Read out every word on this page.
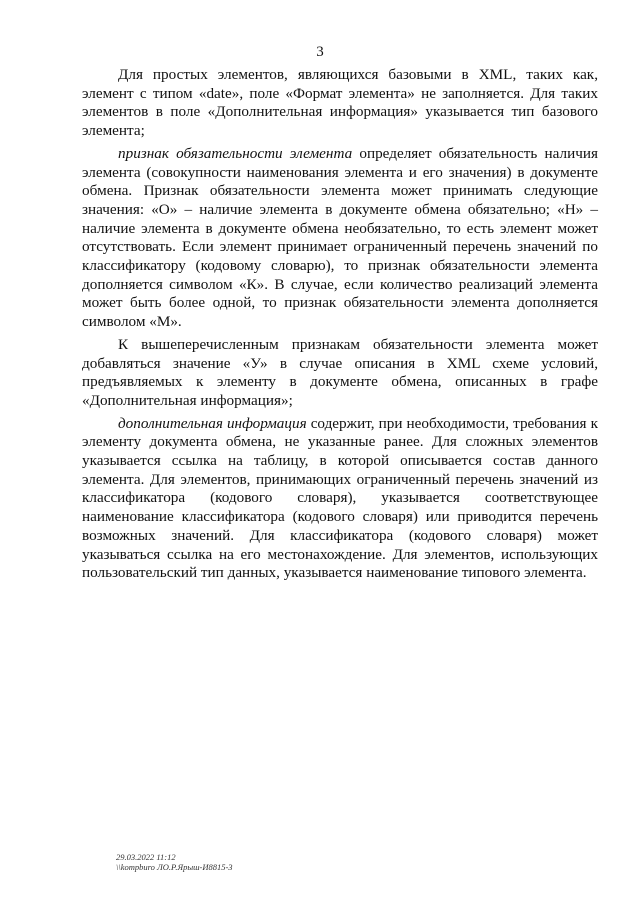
3

Для простых элементов, являющихся базовыми в XML, таких как, элемент с типом «date», поле «Формат элемента» не заполняется. Для таких элементов в поле «Дополнительная информация» указывается тип базового элемента;

признак обязательности элемента определяет обязательность наличия элемента (совокупности наименования элемента и его значения) в документе обмена. Признак обязательности элемента может принимать следующие значения: «О» – наличие элемента в документе обмена обязательно; «Н» – наличие элемента в документе обмена необязательно, то есть элемент может отсутствовать. Если элемент принимает ограниченный перечень значений по классификатору (кодовому словарю), то признак обязательности элемента дополняется символом «К». В случае, если количество реализаций элемента может быть более одной, то признак обязательности элемента дополняется символом «М».

К вышеперечисленным признакам обязательности элемента может добавляться значение «У» в случае описания в XML схеме условий, предъявляемых к элементу в документе обмена, описанных в графе «Дополнительная информация»;

дополнительная информация содержит, при необходимости, требования к элементу документа обмена, не указанные ранее. Для сложных элементов указывается ссылка на таблицу, в которой описывается состав данного элемента. Для элементов, принимающих ограниченный перечень значений из классификатора (кодового словаря), указывается соответствующее наименование классификатора (кодового словаря) или приводится перечень возможных значений. Для классификатора (кодового словаря) может указываться ссылка на его местонахождение. Для элементов, использующих пользовательский тип данных, указывается наименование типового элемента.

29.03.2022 11:12
\\kompburo ЛО.Р.Ярыш-И8815-3
